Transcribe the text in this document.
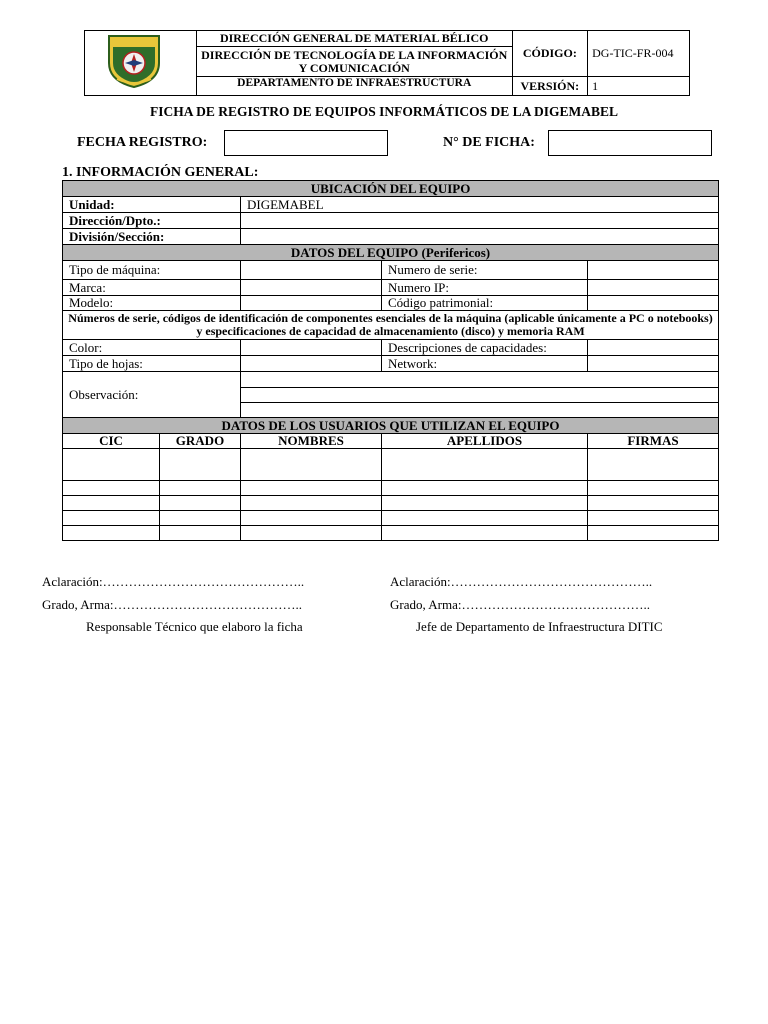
	DIRECCIÓN GENERAL DE MATERIAL BÉLICO	CÓDIGO:	DG-TIC-FR-004
	DIRECCIÓN DE TECNOLOGÍA DE LA INFORMACIÓN Y COMUNICACIÓN		
	DEPARTAMENTO DE INFRAESTRUCTURA	VERSIÓN:	1

FICHA DE REGISTRO DE EQUIPOS INFORMÁTICOS DE LA DIGEMABEL
FECHA REGISTRO:	N° DE FICHA:
1. INFORMACIÓN GENERAL:
UBICACIÓN DEL EQUIPO
Unidad:	DIGEMABEL
Dirección/Dpto.:	
División/Sección:	
DATOS DEL EQUIPO (Perifericos)
Tipo de máquina:		Numero de serie:	
Marca:		Numero IP:	
Modelo:		Código patrimonial:	
Números de serie, códigos de identificación de componentes esenciales de la máquina (aplicable únicamente a PC o notebooks) y especificaciones de capacidad de almacenamiento (disco) y memoria RAM
Color:		Descripciones de capacidades:	
Tipo de hojas:		Network:	
Observación:	

DATOS DE LOS USUARIOS QUE UTILIZAN EL EQUIPO
CIC	GRADO	NOMBRES	APELLIDOS	FIRMAS

Aclaración:………………………………………..
Grado, Arma:……………………………………..
Responsable Técnico que elaboro la ficha
Aclaración:………………………………………..
Grado, Arma:……………………………………..
Jefe de Departamento de Infraestructura DITIC
